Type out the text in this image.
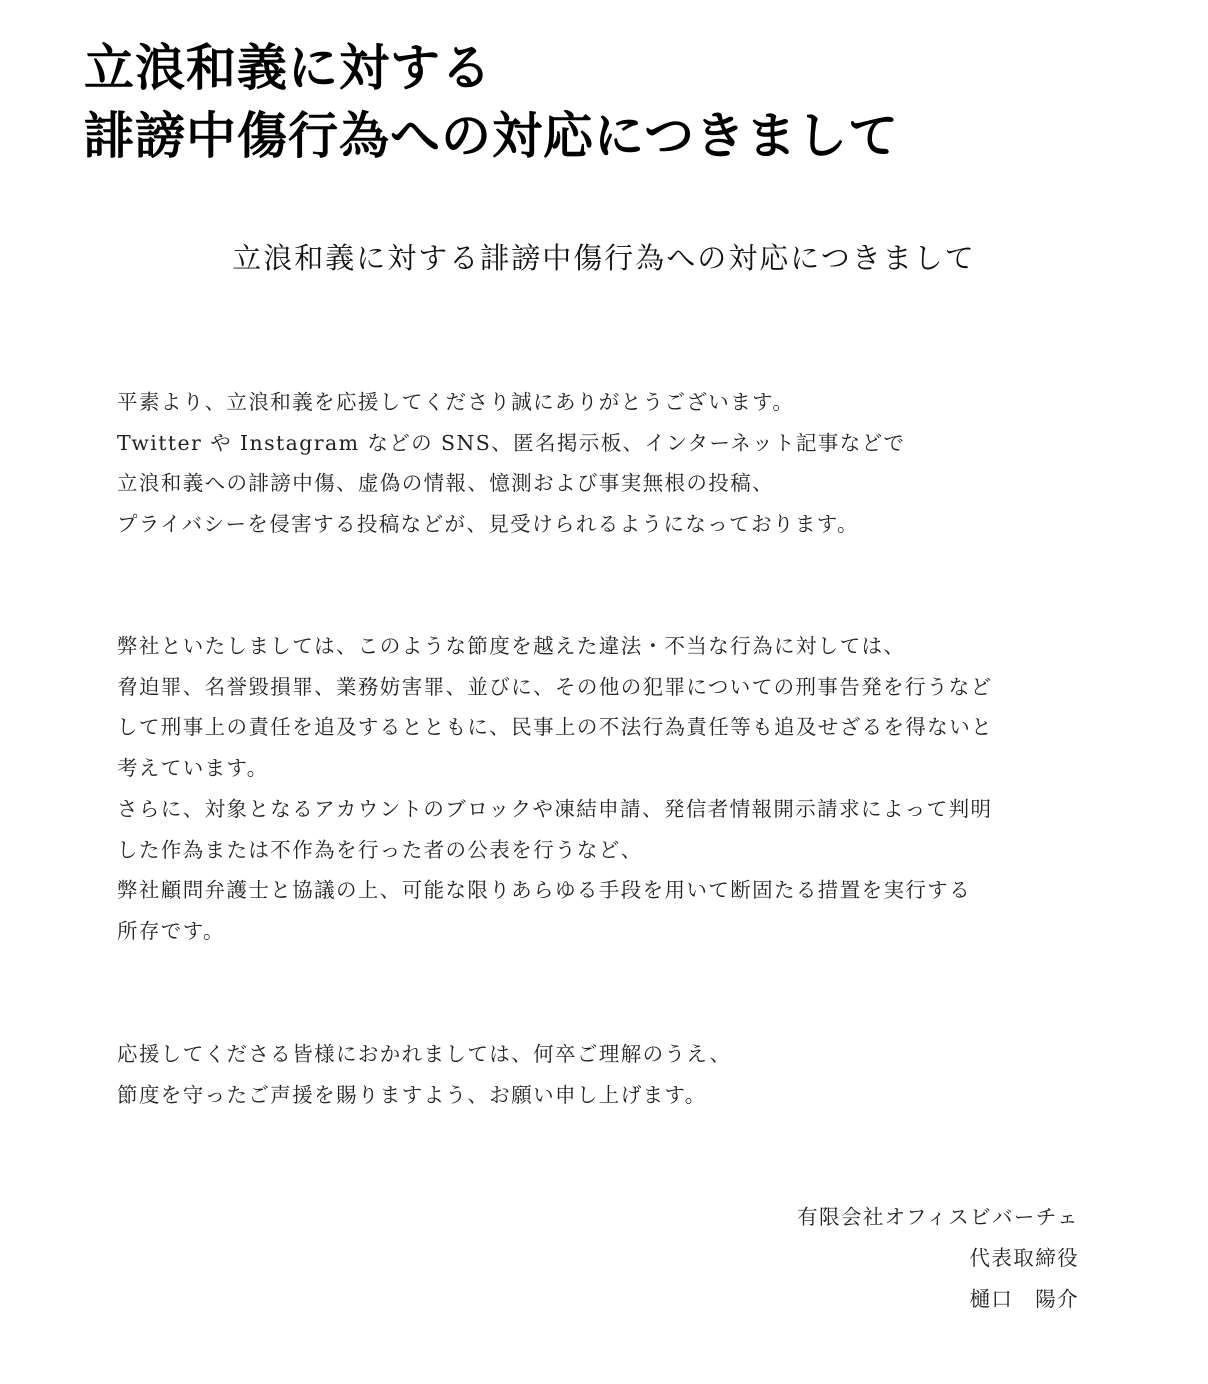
立浪和義に対する
誹謗中傷行為への対応につきまして
立浪和義に対する誹謗中傷行為への対応につきまして
平素より、立浪和義を応援してくださり誠にありがとうございます。
Twitter や Instagram などの SNS、匿名掲示板、インターネット記事などで
立浪和義への誹謗中傷、虚偽の情報、憶測および事実無根の投稿、
プライバシーを侵害する投稿などが、見受けられるようになっております。
弊社といたしましては、このような節度を越えた違法・不当な行為に対しては、
脅迫罪、名誉毀損罪、業務妨害罪、並びに、その他の犯罪についての刑事告発を行うなど
して刑事上の責任を追及するとともに、民事上の不法行為責任等も追及せざるを得ないと
考えています。
さらに、対象となるアカウントのブロックや凍結申請、発信者情報開示請求によって判明
した作為または不作為を行った者の公表を行うなど、
弊社顧問弁護士と協議の上、可能な限りあらゆる手段を用いて断固たる措置を実行する
所存です。
応援してくださる皆様におかれましては、何卒ご理解のうえ、
節度を守ったご声援を賜りますよう、お願い申し上げます。
有限会社オフィスビバーチェ
代表取締役
樋口　陽介
